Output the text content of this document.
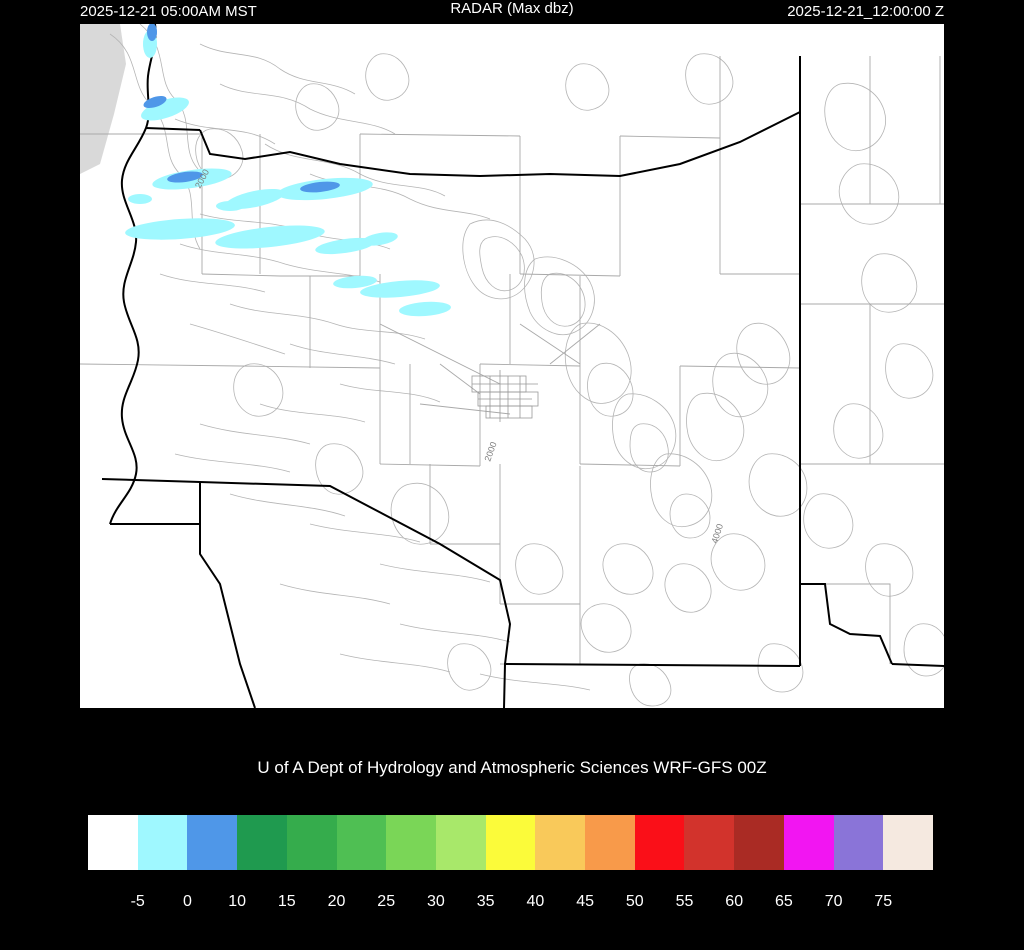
2025-12-21 05:00AM MST	RADAR (Max dbz)	2025-12-21_12:00:00 Z
2000
2000
4000
U of A Dept of Hydrology and Atmospheric Sciences WRF-GFS 00Z
-5 0 10 15 20 25 30 35 40 45 50 55 60 65 70 75
